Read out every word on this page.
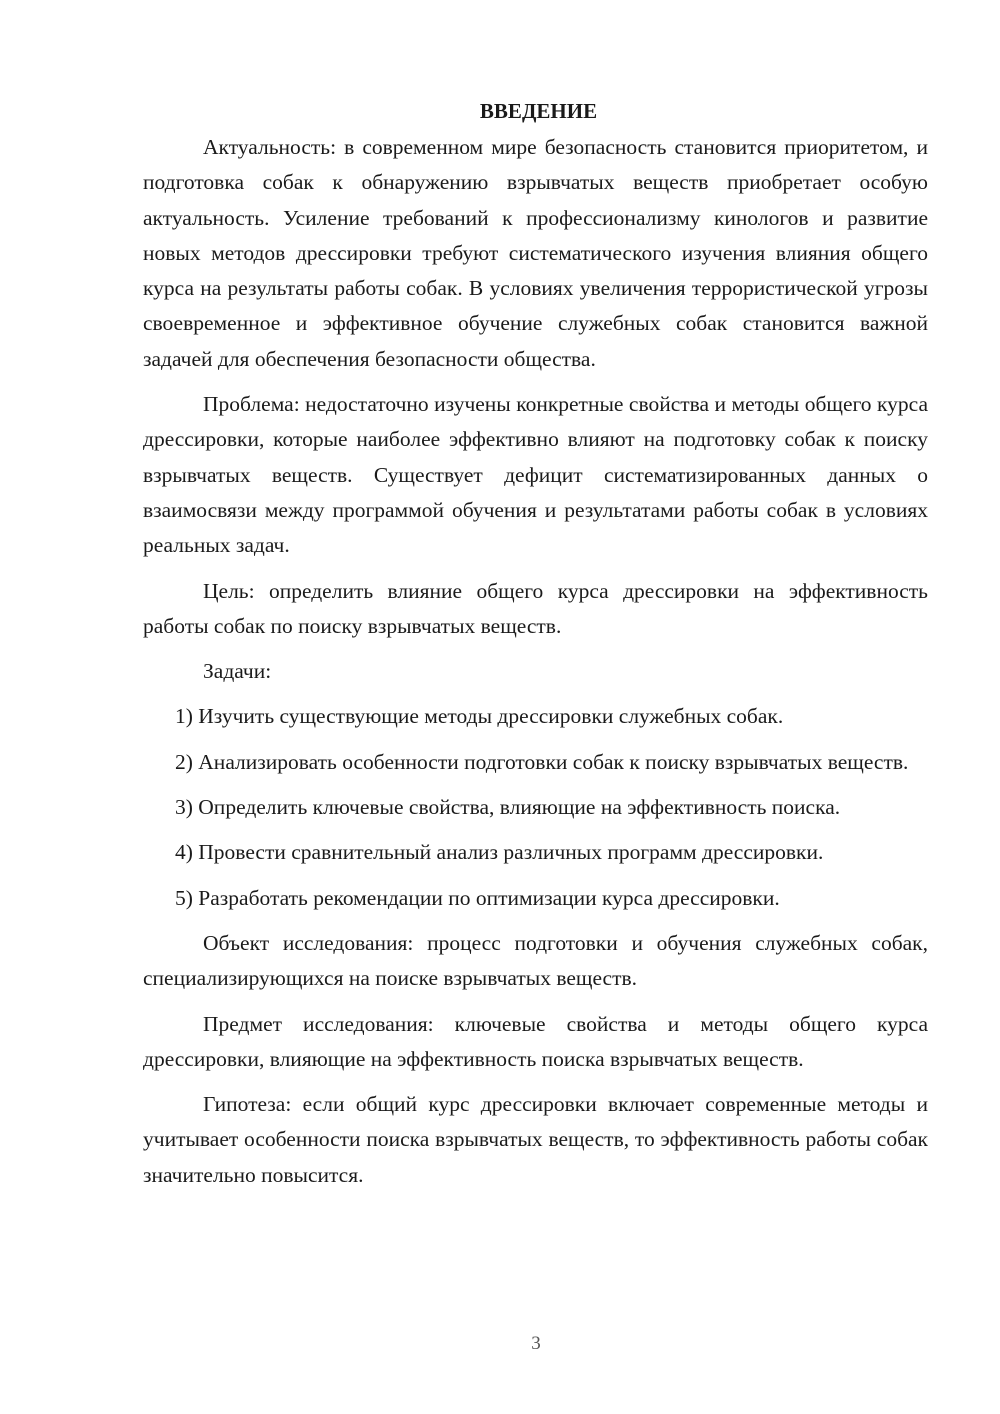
ВВЕДЕНИЕ

Актуальность: в современном мире безопасность становится приоритетом, и подготовка собак к обнаружению взрывчатых веществ приобретает особую актуальность. Усиление требований к профессионализму кинологов и развитие новых методов дрессировки требуют систематического изучения влияния общего курса на результаты работы собак. В условиях увеличения террористической угрозы своевременное и эффективное обучение служебных собак становится важной задачей для обеспечения безопасности общества.

Проблема: недостаточно изучены конкретные свойства и методы общего курса дрессировки, которые наиболее эффективно влияют на подготовку собак к поиску взрывчатых веществ. Существует дефицит систематизированных данных о взаимосвязи между программой обучения и результатами работы собак в условиях реальных задач.

Цель: определить влияние общего курса дрессировки на эффективность работы собак по поиску взрывчатых веществ.

Задачи:

1) Изучить существующие методы дрессировки служебных собак.

2) Анализировать особенности подготовки собак к поиску взрывчатых веществ.

3) Определить ключевые свойства, влияющие на эффективность поиска.

4) Провести сравнительный анализ различных программ дрессировки.

5) Разработать рекомендации по оптимизации курса дрессировки.

Объект исследования: процесс подготовки и обучения служебных собак, специализирующихся на поиске взрывчатых веществ.

Предмет исследования: ключевые свойства и методы общего курса дрессировки, влияющие на эффективность поиска взрывчатых веществ.

Гипотеза: если общий курс дрессировки включает современные методы и учитывает особенности поиска взрывчатых веществ, то эффективность работы собак значительно повысится.

3
